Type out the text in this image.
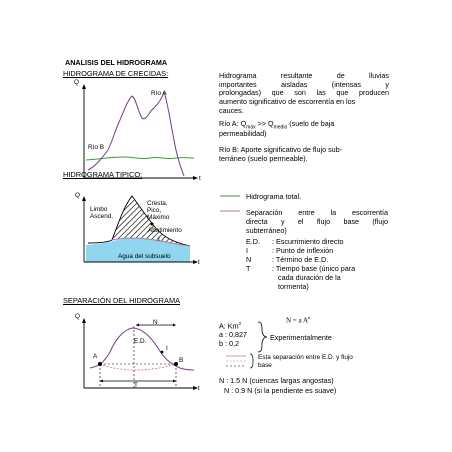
ANALISIS DEL HIDROGRAMA
HIDROGRAMA DE CRECIDAS:
Q
t
Río A
Río B
Hidrograma resultante de lluvias
importantes aisladas (intensas y
prolongadas) que son las que producen
aumento significativo de escorrentía en los
cauces.
Río A: $Q_{máx} >> Q_{medio}$ (suelo de baja
permeabilidad)
Río B: Aporte significativo de flujo sub-
terráneo (suelo permeable).
HIDROGRAMA TIPICO:
Q
t
Limbo
Ascend.
Cresta,
Pico,
Máximo
Abatimiento
I
Agua del subsuelo
Hidrograma total.
Separación entre la escorrentía
directa y el flujo base (flujo
subterráneo)
E.D. : Escurrimiento directo
I	: Punto de inflexión
N	: Término de E.D.
T	: Tiempo base (único para
cada duración de la
tormenta)
SEPARACIÓN DEL HIDROGRAMA
Q
t
N
E.D.
I
A
B
T
N = a $A^n$
A: Km$^2$
a : 0,827
b : 0,2
Experimentalmente
Esta separación entre E.D. y flujo
base
N : 1.5 N (cuencas largas angostas)
N : 0.9 N (si la pendiente es suave)
